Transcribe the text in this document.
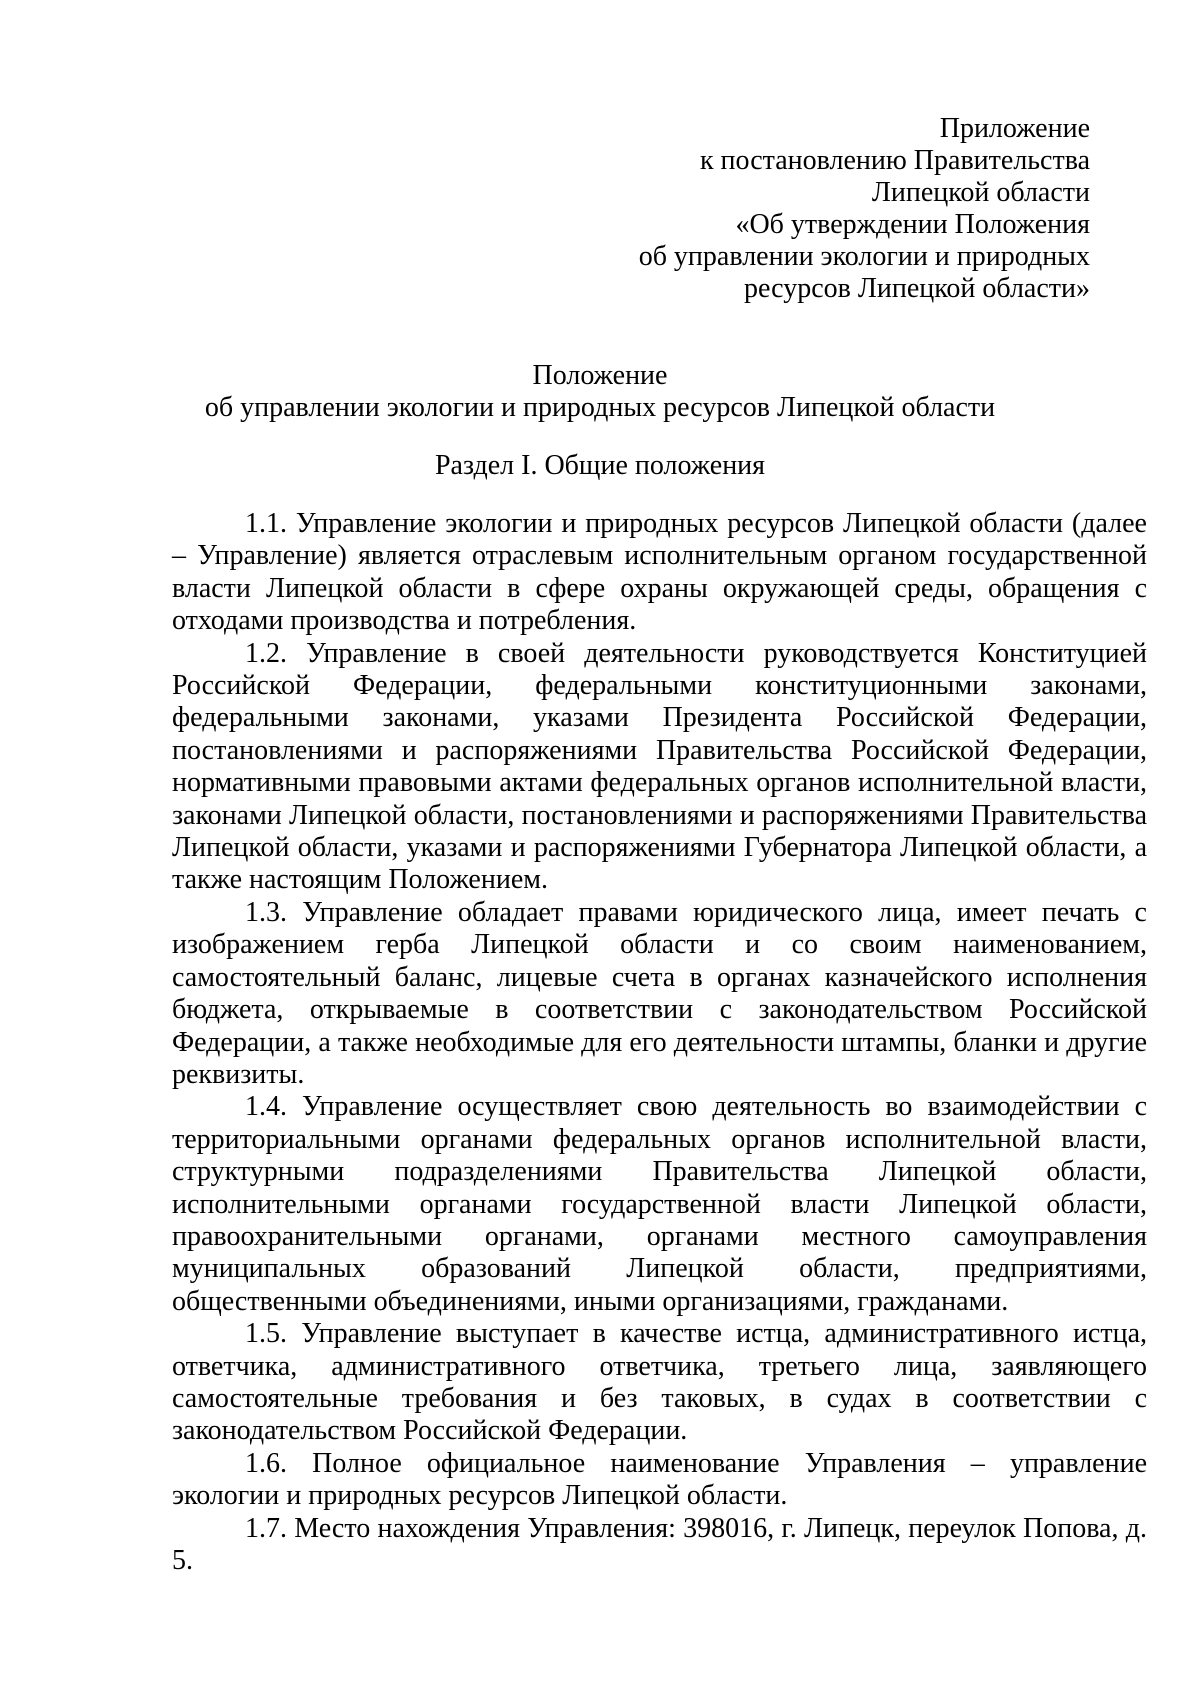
Приложение
к постановлению Правительства
Липецкой области
«Об утверждении Положения
об управлении экологии и природных
ресурсов Липецкой области»
Положение
об управлении экологии и природных ресурсов Липецкой области
Раздел I. Общие положения

1.1. Управление экологии и природных ресурсов Липецкой области (далее – Управление) является отраслевым исполнительным органом государственной власти Липецкой области в сфере охраны окружающей среды, обращения с отходами производства и потребления.

1.2. Управление в своей деятельности руководствуется Конституцией Российской Федерации, федеральными конституционными законами, федеральными законами, указами Президента Российской Федерации, постановлениями и распоряжениями Правительства Российской Федерации, нормативными правовыми актами федеральных органов исполнительной власти, законами Липецкой области, постановлениями и распоряжениями Правительства Липецкой области, указами и распоряжениями Губернатора Липецкой области, а также настоящим Положением.

1.3. Управление обладает правами юридического лица, имеет печать с изображением герба Липецкой области и со своим наименованием, самостоятельный баланс, лицевые счета в органах казначейского исполнения бюджета, открываемые в соответствии с законодательством Российской Федерации, а также необходимые для его деятельности штампы, бланки и другие реквизиты.

1.4. Управление осуществляет свою деятельность во взаимодействии с территориальными органами федеральных органов исполнительной власти, структурными подразделениями Правительства Липецкой области, исполнительными органами государственной власти Липецкой области, правоохранительными органами, органами местного самоуправления муниципальных образований Липецкой области, предприятиями, общественными объединениями, иными организациями, гражданами.

1.5. Управление выступает в качестве истца, административного истца, ответчика, административного ответчика, третьего лица, заявляющего самостоятельные требования и без таковых, в судах в соответствии с законодательством Российской Федерации.

1.6. Полное официальное наименование Управления – управление экологии и природных ресурсов Липецкой области.

1.7. Место нахождения Управления: 398016, г. Липецк, переулок Попова, д. 5.
